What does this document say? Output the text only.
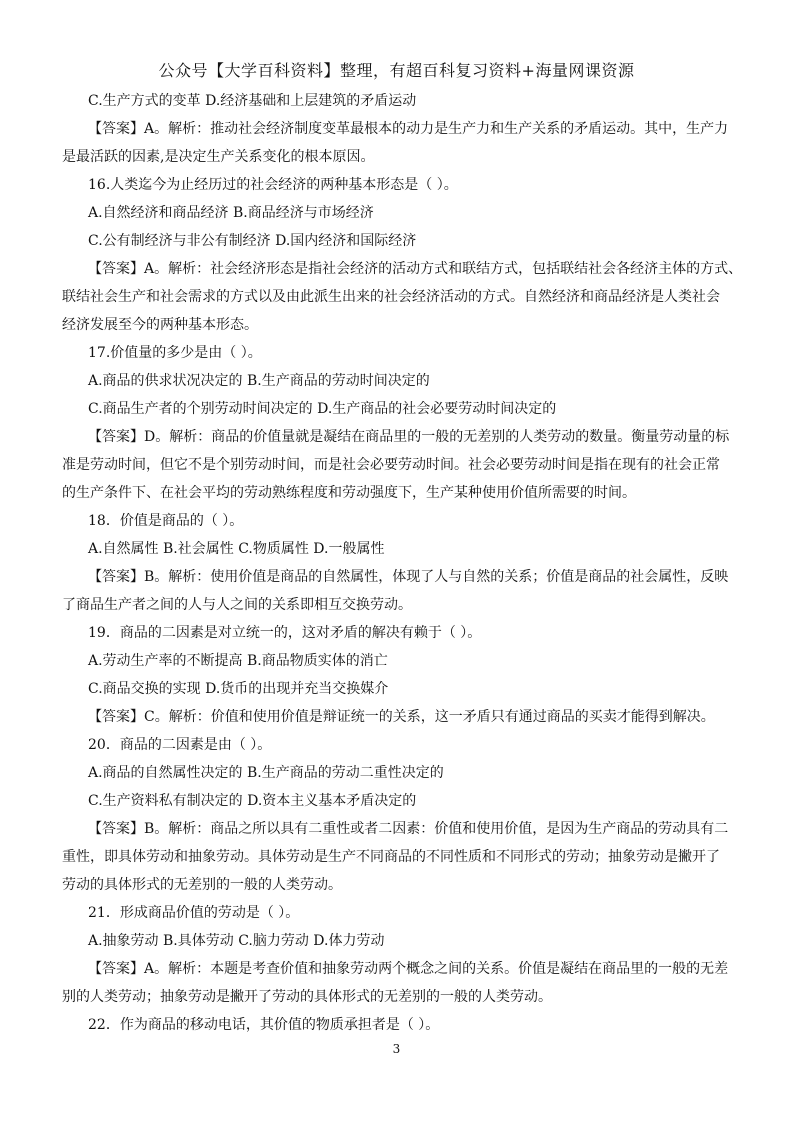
公众号【大学百科资料】整理，有超百科复习资料+海量网课资源
C.生产方式的变革 D.经济基础和上层建筑的矛盾运动
【答案】A。解析：推动社会经济制度变革最根本的动力是生产力和生产关系的矛盾运动。其中，生产力
是最活跃的因素,是决定生产关系变化的根本原因。
16.人类迄今为止经历过的社会经济的两种基本形态是（ ）。
A.自然经济和商品经济 B.商品经济与市场经济
C.公有制经济与非公有制经济 D.国内经济和国际经济
【答案】A。解析：社会经济形态是指社会经济的活动方式和联结方式，包括联结社会各经济主体的方式、
联结社会生产和社会需求的方式以及由此派生出来的社会经济活动的方式。自然经济和商品经济是人类社会
经济发展至今的两种基本形态。
17.价值量的多少是由（ ）。
A.商品的供求状况决定的 B.生产商品的劳动时间决定的
C.商品生产者的个别劳动时间决定的 D.生产商品的社会必要劳动时间决定的
【答案】D。解析：商品的价值量就是凝结在商品里的一般的无差别的人类劳动的数量。衡量劳动量的标
准是劳动时间，但它不是个别劳动时间，而是社会必要劳动时间。社会必要劳动时间是指在现有的社会正常
的生产条件下、在社会平均的劳动熟练程度和劳动强度下，生产某种使用价值所需要的时间。
18．价值是商品的（ ）。
A.自然属性 B.社会属性 C.物质属性 D.一般属性
【答案】B。解析：使用价值是商品的自然属性，体现了人与自然的关系；价值是商品的社会属性，反映
了商品生产者之间的人与人之间的关系即相互交换劳动。
19．商品的二因素是对立统一的，这对矛盾的解决有赖于（ ）。
A.劳动生产率的不断提高 B.商品物质实体的消亡
C.商品交换的实现 D.货币的出现并充当交换媒介
【答案】C。解析：价值和使用价值是辩证统一的关系，这一矛盾只有通过商品的买卖才能得到解决。
20．商品的二因素是由（ ）。
A.商品的自然属性决定的 B.生产商品的劳动二重性决定的
C.生产资料私有制决定的 D.资本主义基本矛盾决定的
【答案】B。解析：商品之所以具有二重性或者二因素：价值和使用价值，是因为生产商品的劳动具有二
重性，即具体劳动和抽象劳动。具体劳动是生产不同商品的不同性质和不同形式的劳动；抽象劳动是撇开了
劳动的具体形式的无差别的一般的人类劳动。
21．形成商品价值的劳动是（ ）。
A.抽象劳动 B.具体劳动 C.脑力劳动 D.体力劳动
【答案】A。解析：本题是考查价值和抽象劳动两个概念之间的关系。价值是凝结在商品里的一般的无差
别的人类劳动；抽象劳动是撇开了劳动的具体形式的无差别的一般的人类劳动。
22．作为商品的移动电话，其价值的物质承担者是（ ）。
3
